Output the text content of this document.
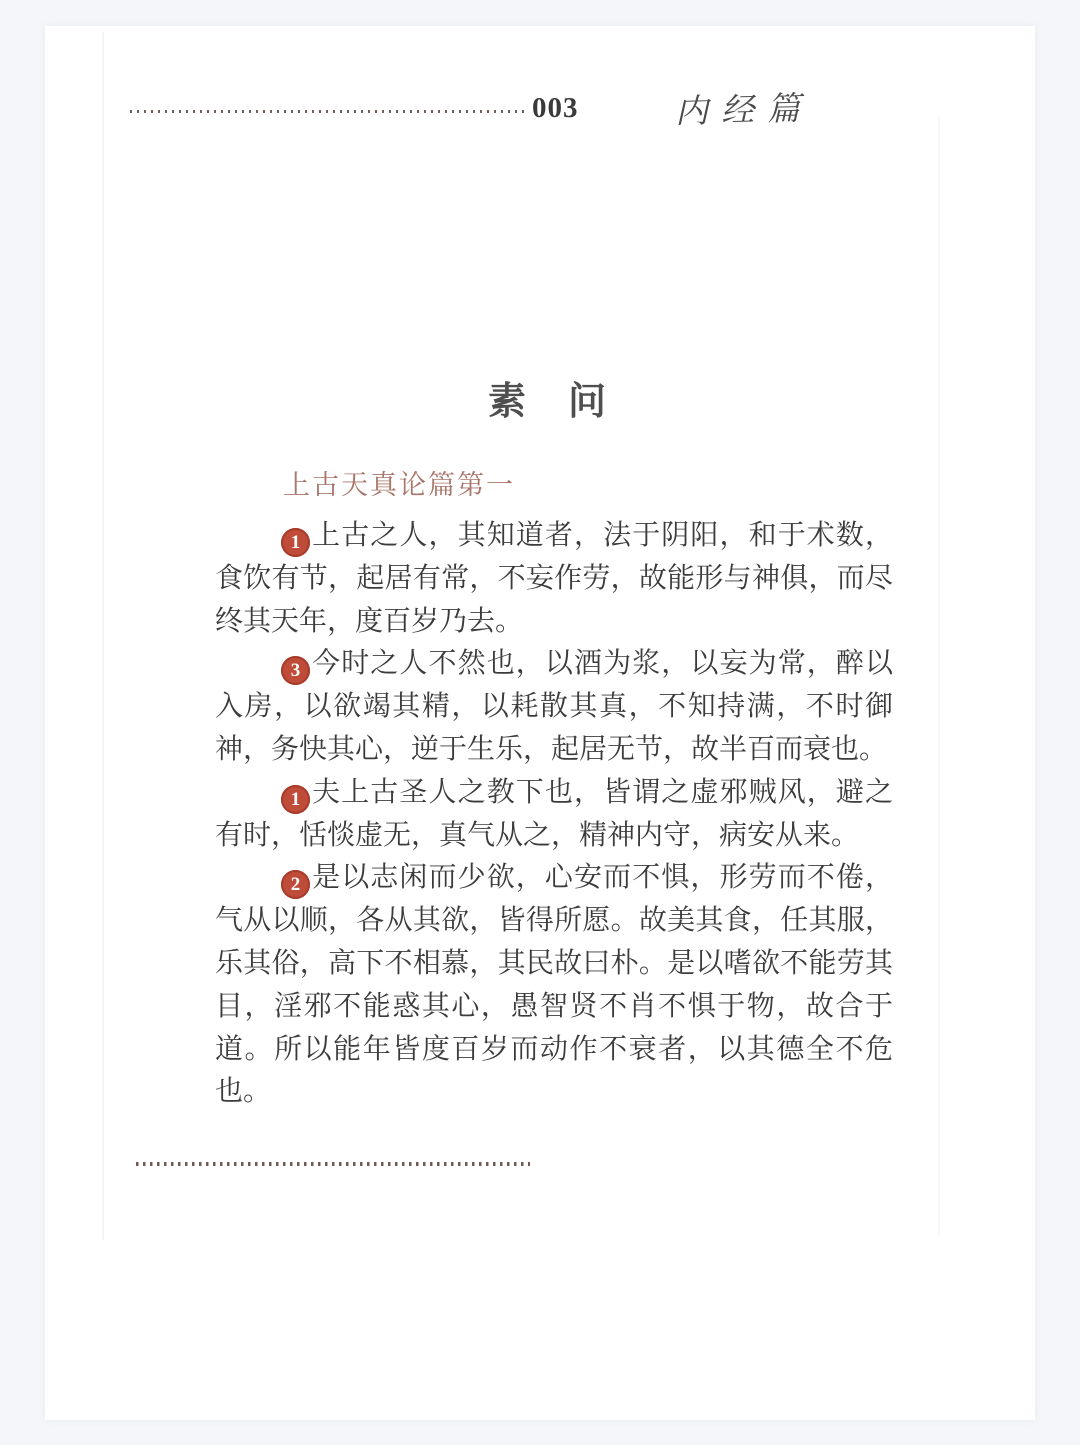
003	内经篇
素　问
上古天真论篇第一

1 上古之人，其知道者，法于阴阳，和于术数，食饮有节，起居有常，不妄作劳，故能形与神俱，而尽终其天年，度百岁乃去。

3 今时之人不然也，以酒为浆，以妄为常，醉以入房，以欲竭其精，以耗散其真，不知持满，不时御神，务快其心，逆于生乐，起居无节，故半百而衰也。

1 夫上古圣人之教下也，皆谓之虚邪贼风，避之有时，恬惔虚无，真气从之，精神内守，病安从来。

2 是以志闲而少欲，心安而不惧，形劳而不倦，气从以顺，各从其欲，皆得所愿。故美其食，任其服，乐其俗，高下不相慕，其民故曰朴。是以嗜欲不能劳其目，淫邪不能惑其心，愚智贤不肖不惧于物，故合于道。所以能年皆度百岁而动作不衰者，以其德全不危也。
